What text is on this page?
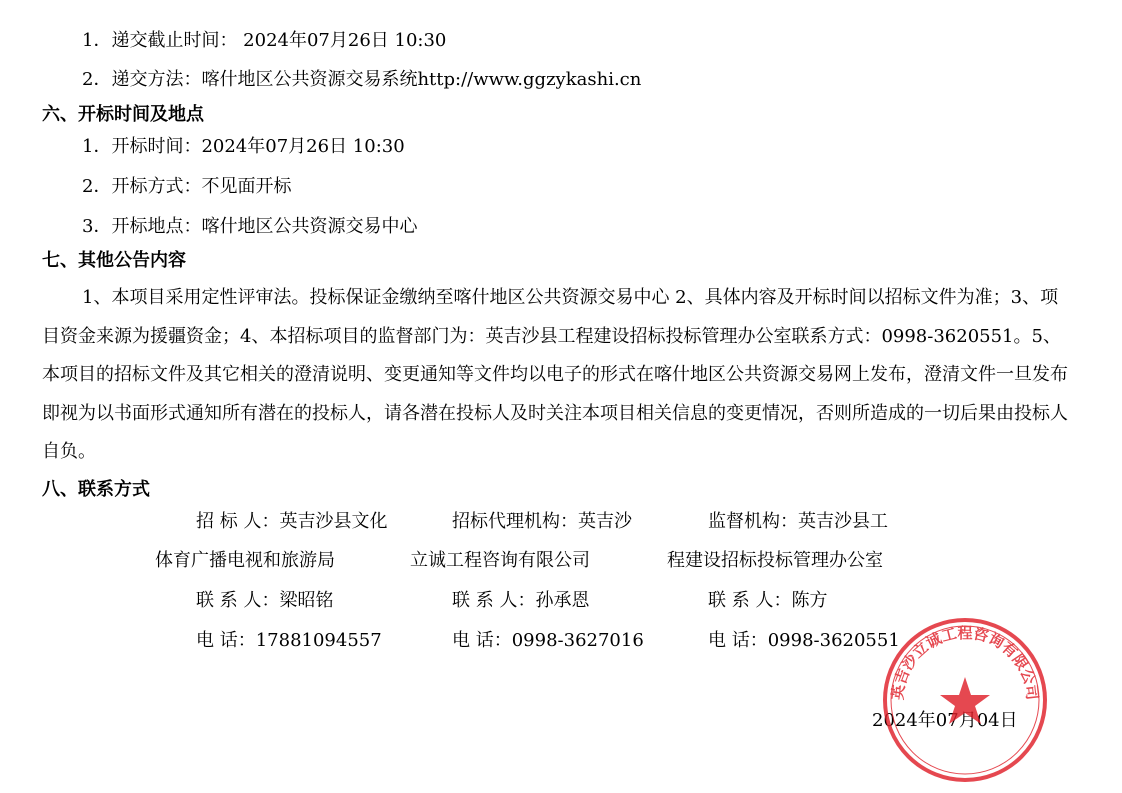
1．递交截止时间： 2024年07月26日 10:30
2．递交方法：喀什地区公共资源交易系统http://www.ggzykashi.cn
六、开标时间及地点
1．开标时间：2024年07月26日 10:30
2．开标方式：不见面开标
3．开标地点：喀什地区公共资源交易中心
七、其他公告内容
1、本项目采用定性评审法。投标保证金缴纳至喀什地区公共资源交易中心 2、具体内容及开标时间以招标文件为准；3、项目资金来源为援疆资金；4、本招标项目的监督部门为：英吉沙县工程建设招标投标管理办公室联系方式：0998-3620551。5、本项目的招标文件及其它相关的澄清说明、变更通知等文件均以电子的形式在喀什地区公共资源交易网上发布，澄清文件一旦发布即视为以书面形式通知所有潜在的投标人，请各潜在投标人及时关注本项目相关信息的变更情况，否则所造成的一切后果由投标人自负。
八、联系方式
招 标 人：英吉沙县文化	招标代理机构：英吉沙	监督机构：英吉沙县工
体育广播电视和旅游局	立诚工程咨询有限公司	程建设招标投标管理办公室
联 系 人：梁昭铭	联 系 人：孙承恩	联 系 人：陈方
电 话：17881094557	电 话：0998-3627016	电 话：0998-3620551
2024年07月04日
英吉沙立诚工程咨询有限公司
